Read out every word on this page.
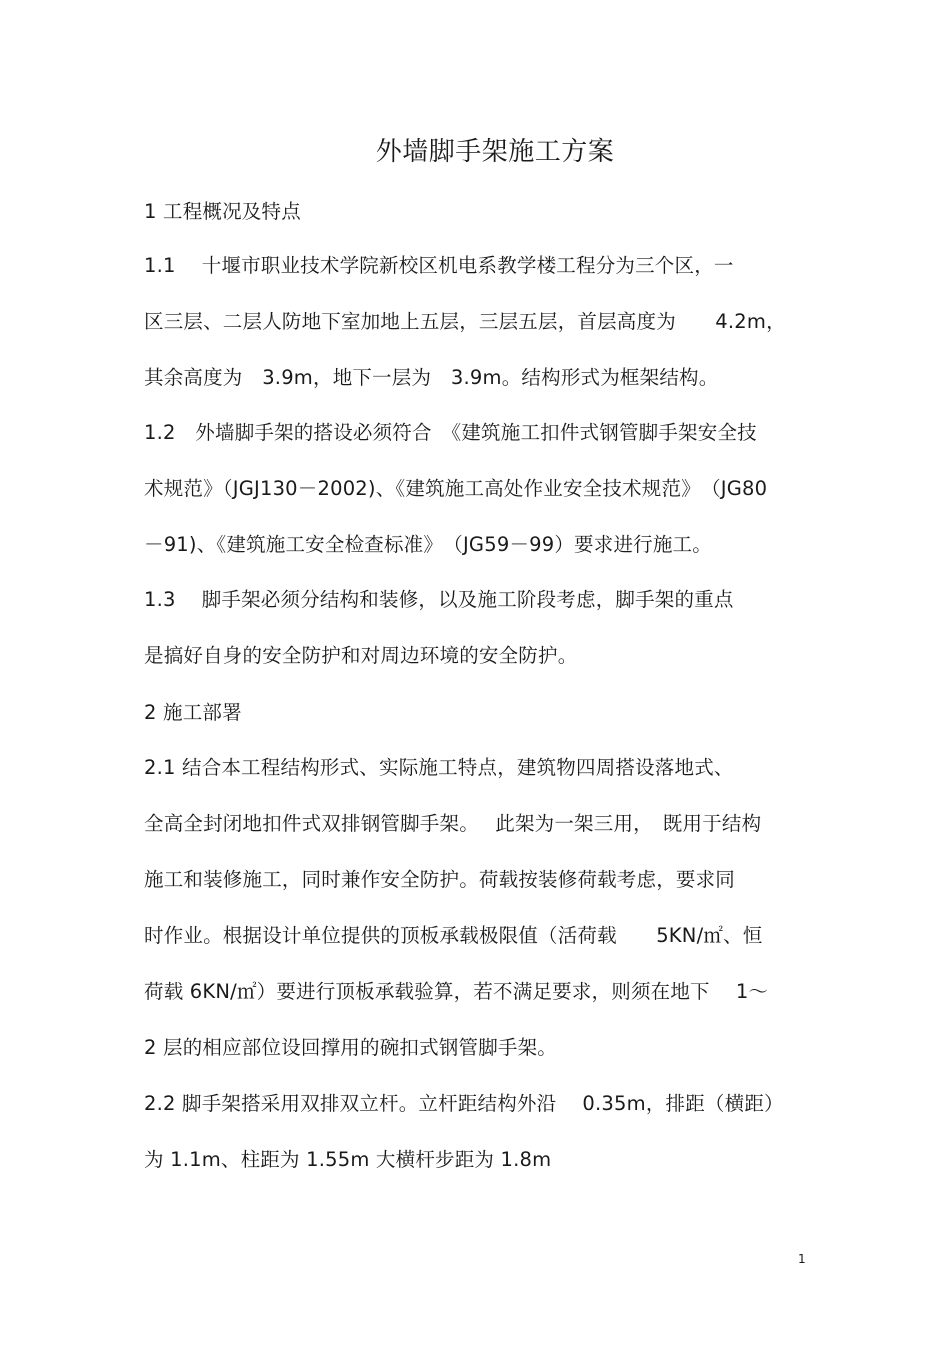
外墙脚手架施工方案
1 工程概况及特点
1.1　 十堰市职业技术学院新校区机电系教学楼工程分为三个区，一
区三层、二层人防地下室加地上五层，三层五层，首层高度为　　4.2m，
其余高度为　3.9m，地下一层为　3.9m。结构形式为框架结构。
1.2　外墙脚手架的搭设必须符合　《建筑施工扣件式钢管脚手架安全技
术规范》（JGJ130－2002)、《建筑施工高处作业安全技术规范》　（JG80
－91)、《建筑施工安全检查标准》　（JG59－99）要求进行施工。
1.3　 脚手架必须分结构和装修，以及施工阶段考虑，脚手架的重点
是搞好自身的安全防护和对周边环境的安全防护。
2 施工部署
2.1 结合本工程结构形式、实际施工特点，建筑物四周搭设落地式、
全高全封闭地扣件式双排钢管脚手架。　 此架为一架三用，　既用于结构
施工和装修施工，同时兼作安全防护。荷载按装修荷载考虑，要求同
时作业。根据设计单位提供的顶板承载极限值（活荷载　　5KN/㎡、恒
荷载 6KN/㎡）要进行顶板承载验算，若不满足要求，则须在地下　 1～
2 层的相应部位设回撑用的碗扣式钢管脚手架。
2.2 脚手架搭采用双排双立杆。立杆距结构外沿　 0.35m，排距（横距）
为 1.1m、柱距为 1.55m 大横杆步距为 1.8m
1
